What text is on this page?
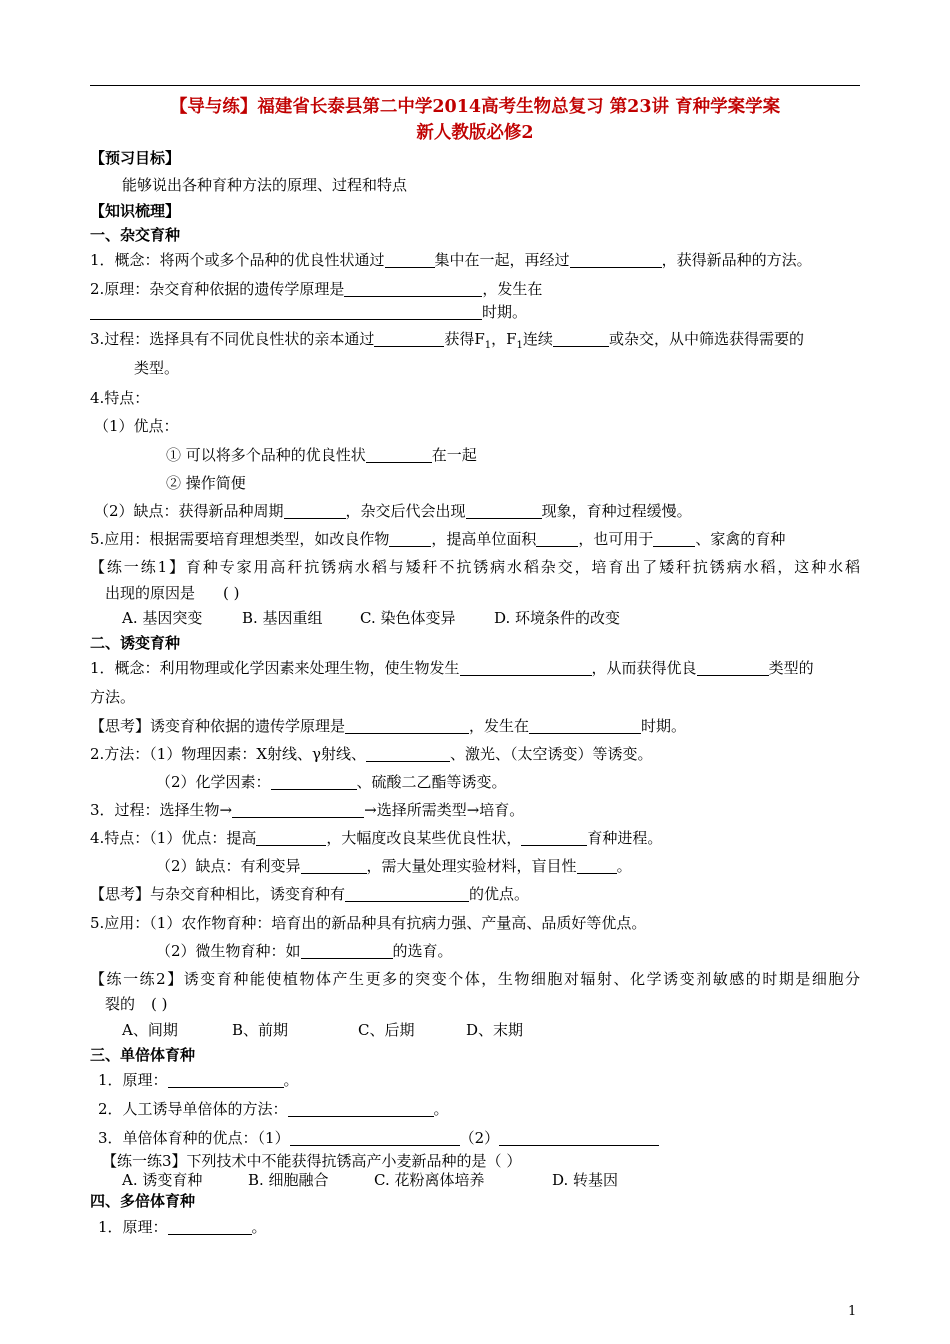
【导与练】福建省长泰县第二中学2014高考生物总复习 第23讲 育种学案学案
新人教版必修2
【预习目标】
能够说出各种育种方法的原理、过程和特点
【知识梳理】
一、杂交育种
1．概念：将两个或多个品种的优良性状通过	集中在一起，再经过	，获得新品种的方法。
2.原理：杂交育种依据的遗传学原理是	，发生在
时期。
3.过程：选择具有不同优良性状的亲本通过	获得$F_1$，$F_1$连续	或杂交，从中筛选获得需要的
类型。
4.特点：
（1）优点：
① 可以将多个品种的优良性状	在一起
② 操作简便
（2）缺点：获得新品种周期	，杂交后代会出现	现象，育种过程缓慢。
5.应用：根据需要培育理想类型，如改良作物	，提高单位面积	，也可用于	、家禽的育种
【练一练1】育种专家用高秆抗锈病水稻与矮秆不抗锈病水稻杂交，培育出了矮秆抗锈病水稻，这种水稻
出现的原因是 ( )
A. 基因突变	B. 基因重组 C. 染色体变异	D. 环境条件的改变
二、诱变育种
1．概念：利用物理或化学因素来处理生物，使生物发生	，从而获得优良	类型的
方法。
【思考】诱变育种依据的遗传学原理是	，发生在	时期。
2.方法：（1）物理因素：X射线、γ射线、	、激光、（太空诱变）等诱变。
（2）化学因素：	、硫酸二乙酯等诱变。
3．过程：选择生物→	→选择所需类型→培育。
4.特点：（1）优点：提高	，大幅度改良某些优良性状，	育种进程。
（2）缺点：有利变异	，需大量处理实验材料，盲目性	。
【思考】与杂交育种相比，诱变育种有	的优点。
5.应用：（1）农作物育种：培育出的新品种具有抗病力强、产量高、品质好等优点。
（2）微生物育种：如	的选育。
【练一练2】诱变育种能使植物体产生更多的突变个体，生物细胞对辐射、化学诱变剂敏感的时期是细胞分
裂的 ( )
A、间期	B、前期	C、后期	D、末期
三、单倍体育种
1．原理：	。
2．人工诱导单倍体的方法：	。
3．单倍体育种的优点：（1）	（2）
【练一练3】下列技术中不能获得抗锈高产小麦新品种的是（ ）
A. 诱变育种	B. 细胞融合	C. 花粉离体培养	D. 转基因
四、多倍体育种
1．原理：	。
1
